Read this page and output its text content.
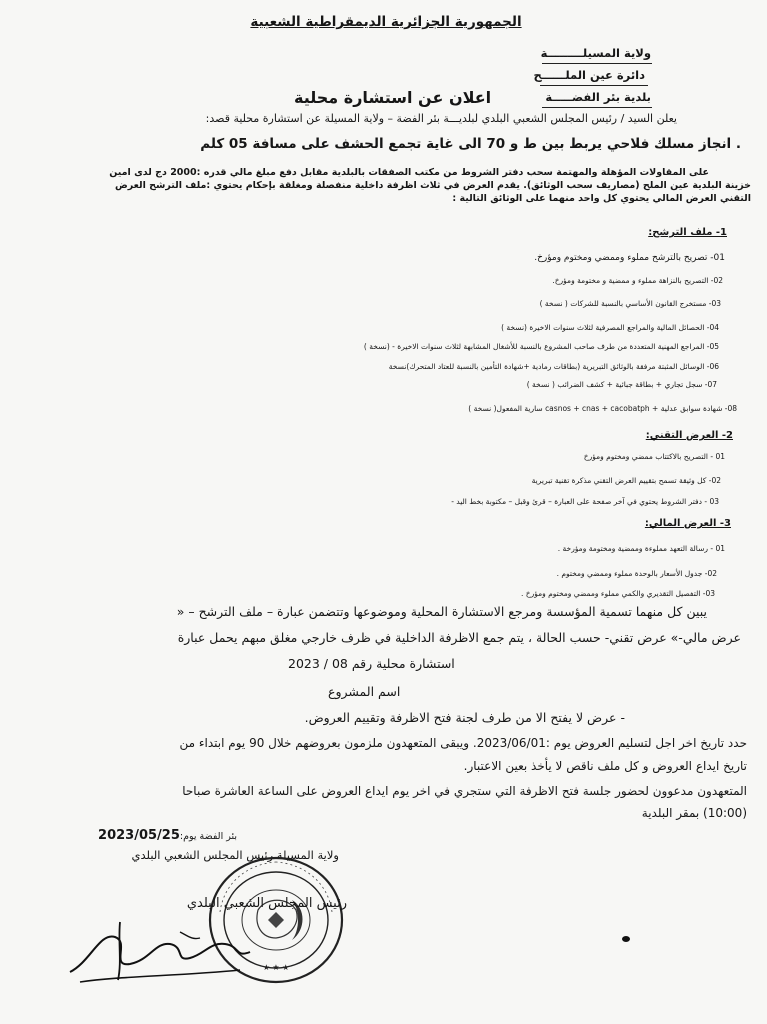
الجمهورية الجزائرية الديمقراطية الشعبية
ولاية المسيلـــــــــة
دائرة عين الملــــــح
بلدية بئر الفضـــــة
اعلان عن استشارة محلية
يعلن السيد / رئيس المجلس الشعبي البلدي لبلديـــة بئر الفضة – ولاية المسيلة عن استشارة محلية قصد:
. انجاز مسلك فلاحي يربط بين ط و 70 الى غاية تجمع الحشف على مسافة 05 كلم
على المقاولات المؤهلة والمهتمة سحب دفتر الشروط من مكتب الصفقات بالبلدية مقابل دفع مبلغ مالي قدره :2000 دج لدى امين
خزينة البلدية عين الملح (مصاريف سحب الوثائق). يقدم العرض في ثلاث اظرفة داخلية منفصلة ومغلقة بإحكام يحتوي :ملف الترشح العرض
التقني العرض المالي يحتوي كل واحد منهما على الوثائق التالية :
1- ملف الترشح:
01- تصريح بالترشح مملوء وممضي ومختوم ومؤرخ.
02- التصريح بالنزاهة مملوء و ممضية و مختومة ومؤرخ.
03- مستخرج القانون الأساسي بالنسبة للشركات ( نسخة )
04- الحصائل المالية والمراجع المصرفية لثلاث سنوات الاخيرة (نسخة )
05- المراجع المهنية المتعددة من طرف صاحب المشروع بالنسبة للأشغال المشابهة لثلاث سنوات الاخيرة - (نسخة )
06- الوسائل المثبتة مرفقة بالوثائق التبريرية (بطاقات رمادية +شهادة التأمين بالنسبة للعتاد المتحرك)نسخة
07- سجل تجاري + بطاقة جبائية + كشف الضرائب ( نسخة )
08- شهادة سوابق عدلية + casnos + cnas + cacobatph سارية المفعول( نسخة )
2- العرض التقني:
01 - التصريح بالاكتتاب ممضي ومختوم ومؤرخ
02- كل وثيقة تسمح بتقييم العرض التقني مذكرة تقنية تبريرية
03 - دفتر الشروط يحتوي في آخر صفحة على العبارة – قرئ وقبل – مكتوبة بخط اليد -
3- العرض المالي:
01 - رسالة التعهد مملوءة وممضية ومختومة ومؤرخة .
02- جدول الأسعار بالوحدة مملوء وممضي ومختوم .
03- التفصيل التقديري والكمي مملوء وممضي ومختوم ومؤرخ .
يبين كل منهما تسمية المؤسسة ومرجع الاستشارة المحلية وموضوعها وتتضمن عبارة – ملف الترشح – «
عرض مالي-» عرض تقني- حسب الحالة ، يتم جمع الاظرفة الداخلية في ظرف خارجي مغلق مبهم يحمل عبارة
استشارة محلية رقم 08 / 2023
اسم المشروع
- عرض لا يفتح الا من طرف لجنة فتح الاظرفة وتقييم العروض.
حدد تاريخ اخر اجل لتسليم العروض يوم :2023/06/01. ويبقى المتعهدون ملزمون بعروضهم خلال 90 يوم ابتداء من
تاريخ ايداع العروض و كل ملف ناقص لا يأخذ بعين الاعتبار.
المتعهدون مدعوون لحضور جلسة فتح الاظرفة التي ستجري في اخر يوم ايداع العروض على الساعة العاشرة صباحا
(10:00) بمقر البلدية
بئر الفضة يوم:2023/05/25
ولاية المسيلة رئيس المجلس الشعبي البلدي
★ ★ ★
رئيس المجلس الشعبي البلدي
